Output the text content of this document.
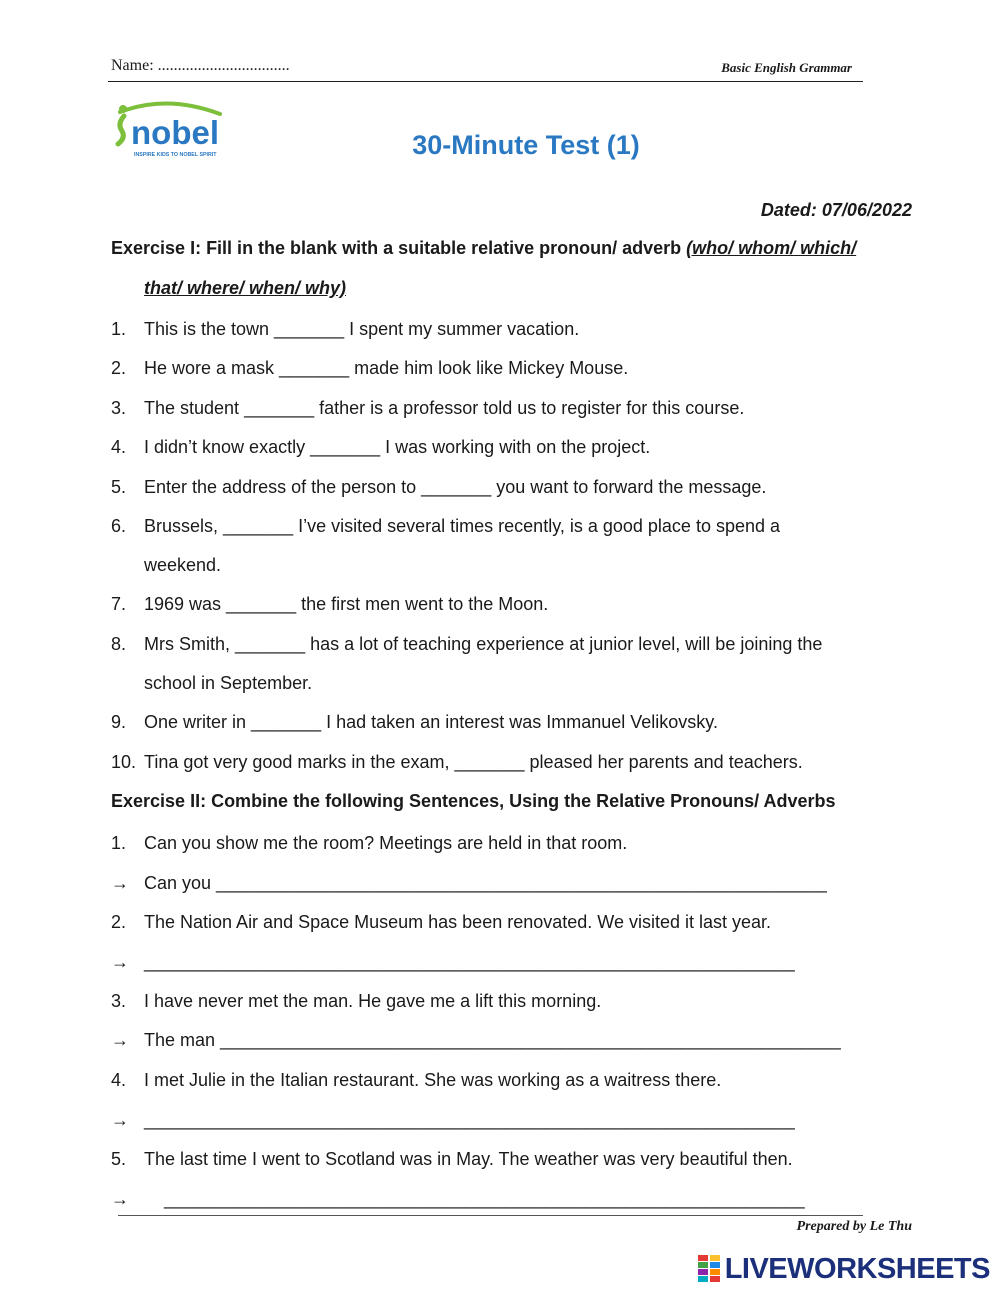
Name: .................................	Basic English Grammar
nobel
INSPIRE KIDS TO NOBEL SPIRIT	30-Minute Test (1)
Dated: 07/06/2022
Exercise I: Fill in the blank with a suitable relative pronoun/ adverb (who/ whom/ which/
that/ where/ when/ why)
1. This is the town _______ I spent my summer vacation.
2. He wore a mask _______ made him look like Mickey Mouse.
3. The student _______ father is a professor told us to register for this course.
4. I didn’t know exactly _______ I was working with on the project.
5. Enter the address of the person to _______ you want to forward the message.
6. Brussels, _______ I’ve visited several times recently, is a good place to spend a
weekend.
7. 1969 was _______ the first men went to the Moon.
8. Mrs Smith, _______ has a lot of teaching experience at junior level, will be joining the
school in September.
9. One writer in _______ I had taken an interest was Immanuel Velikovsky.
10. Tina got very good marks in the exam, _______ pleased her parents and teachers.
Exercise II: Combine the following Sentences, Using the Relative Pronouns/ Adverbs
1. Can you show me the room? Meetings are held in that room.
→ Can you _____________________________________________________________
2. The Nation Air and Space Museum has been renovated. We visited it last year.
→ _________________________________________________________________
3. I have never met the man. He gave me a lift this morning.
→ The man ______________________________________________________________
4. I met Julie in the Italian restaurant. She was working as a waitress there.
→ _________________________________________________________________
5. The last time I went to Scotland was in May. The weather was very beautiful then.
→    ________________________________________________________________
Prepared by Le Thu
LIVEWORKSHEETS
